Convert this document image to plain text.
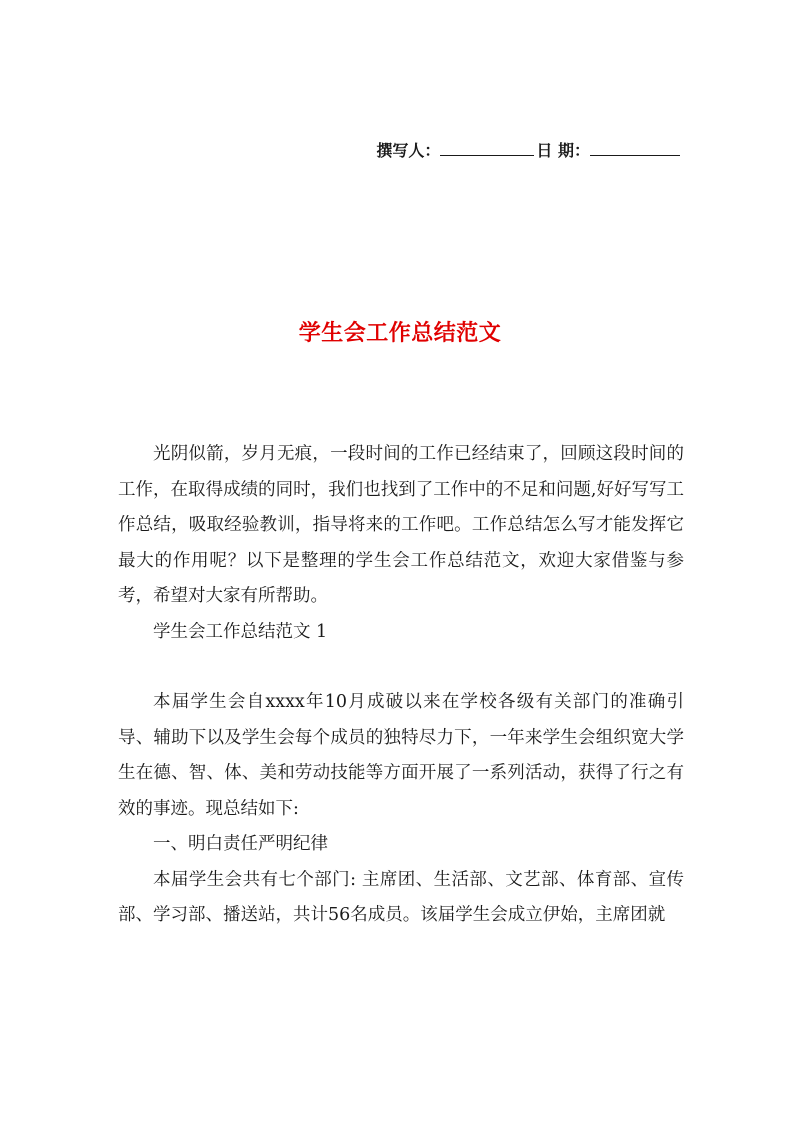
撰写人：	日 期：
学生会工作总结范文

光阴似箭，岁月无痕，一段时间的工作已经结束了，回顾这段时间的工作，在取得成绩的同时，我们也找到了工作中的不足和问题,好好写写工作总结，吸取经验教训，指导将来的工作吧。工作总结怎么写才能发挥它最大的作用呢？以下是整理的学生会工作总结范文，欢迎大家借鉴与参考，希望对大家有所帮助。

学生会工作总结范文 1

本届学生会自xxxx年10月成破以来在学校各级有关部门的准确引导、辅助下以及学生会每个成员的独特尽力下，一年来学生会组织宽大学生在德、智、体、美和劳动技能等方面开展了一系列活动，获得了行之有效的事迹。现总结如下:

一、明白责任严明纪律

本届学生会共有七个部门: 主席团、生活部、文艺部、体育部、宣传部、学习部、播送站，共计56名成员。该届学生会成立伊始，主席团就
